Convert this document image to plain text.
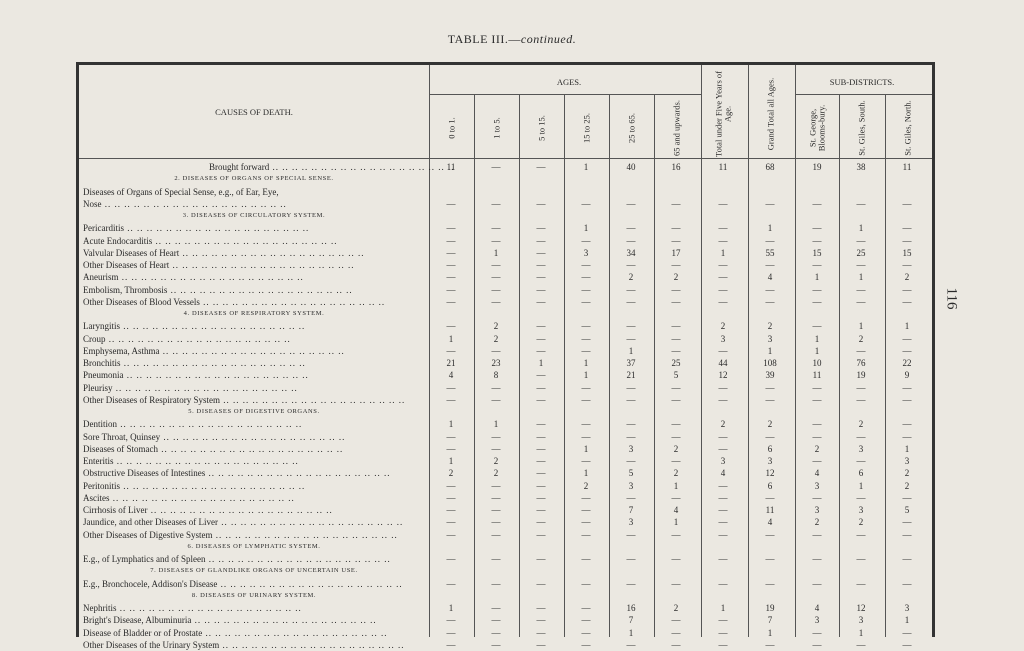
TABLE III.—continued.
CAUSES OF DEATH.
AGES.	SUB-DISTRICTS.
0 to 1.	1 to 5.	5 to 15.	15 to 25.	25 to 65.	65 and upwards.	Total under Five Years of Age.	Grand Total all Ages.	St. George, Blooms-bury.	St. Giles, South.	St. Giles, North.
Brought forward .. ..	11	—	—	1	40	16	11	68	19	38	11
2. DISEASES OF ORGANS OF SPECIAL SENSE.
Diseases of Organs of Special Sense, e.g., of Ear, Eye,
Nose .. ..	—	—	—	—	—	—	—	—	—	—	—
3. DISEASES OF CIRCULATORY SYSTEM.
Pericarditis .. ..	—	—	—	1	—	—	—	1	—	1	—
Acute Endocarditis .. ..	—	—	—	—	—	—	—	—	—	—	—
Valvular Diseases of Heart .. ..	—	1	—	3	34	17	1	55	15	25	15
Other Diseases of Heart .. ..	—	—	—	—	—	—	—	—	—	—	—
Aneurism .. ..	—	—	—	—	2	2	—	4	1	1	2
Embolism, Thrombosis .. ..	—	—	—	—	—	—	—	—	—	—	—
Other Diseases of Blood Vessels .. ..	—	—	—	—	—	—	—	—	—	—	—
4. DISEASES OF RESPIRATORY SYSTEM.
Laryngitis .. ..	—	2	—	—	—	—	2	2	—	1	1
Croup .. ..	1	2	—	—	—	—	3	3	1	2	—
Emphysema, Asthma .. ..	—	—	—	—	1	—	—	1	1	—	—
Bronchitis .. ..	21	23	1	1	37	25	44	108	10	76	22
Pneumonia .. ..	4	8	—	1	21	5	12	39	11	19	9
Pleurisy .. ..	—	—	—	—	—	—	—	—	—	—	—
Other Diseases of Respiratory System .. ..	—	—	—	—	—	—	—	—	—	—	—
5. DISEASES OF DIGESTIVE ORGANS.
Dentition .. ..	1	1	—	—	—	—	2	2	—	2	—
Sore Throat, Quinsey .. ..	—	—	—	—	—	—	—	—	—	—	—
Diseases of Stomach .. ..	—	—	—	1	3	2	—	6	2	3	1
Enteritis .. ..	1	2	—	—	—	—	3	3	—	—	3
Obstructive Diseases of Intestines .. ..	2	2	—	1	5	2	4	12	4	6	2
Peritonitis .. ..	—	—	—	2	3	1	—	6	3	1	2
Ascites .. ..	—	—	—	—	—	—	—	—	—	—	—
Cirrhosis of Liver .. ..	—	—	—	—	7	4	—	11	3	3	5
Jaundice, and other Diseases of Liver .. ..	—	—	—	—	3	1	—	4	2	2	—
Other Diseases of Digestive System .. ..	—	—	—	—	—	—	—	—	—	—	—
6. DISEASES OF LYMPHATIC SYSTEM.
E.g., of Lymphatics and of Spleen .. ..	—	—	—	—	—	—	—	—	—	—	—
7. DISEASES OF GLANDLIKE ORGANS OF UNCERTAIN USE.
E.g., Bronchocele, Addison's Disease .. ..	—	—	—	—	—	—	—	—	—	—	—
8. DISEASES OF URINARY SYSTEM.
Nephritis .. ..	1	—	—	—	16	2	1	19	4	12	3
Bright's Disease, Albuminuria .. ..	—	—	—	—	7	—	—	7	3	3	1
Disease of Bladder or of Prostate .. ..	—	—	—	—	1	—	—	1	—	1	—
Other Diseases of the Urinary System .. ..	—	—	—	—	—	—	—	—	—	—	—
116
